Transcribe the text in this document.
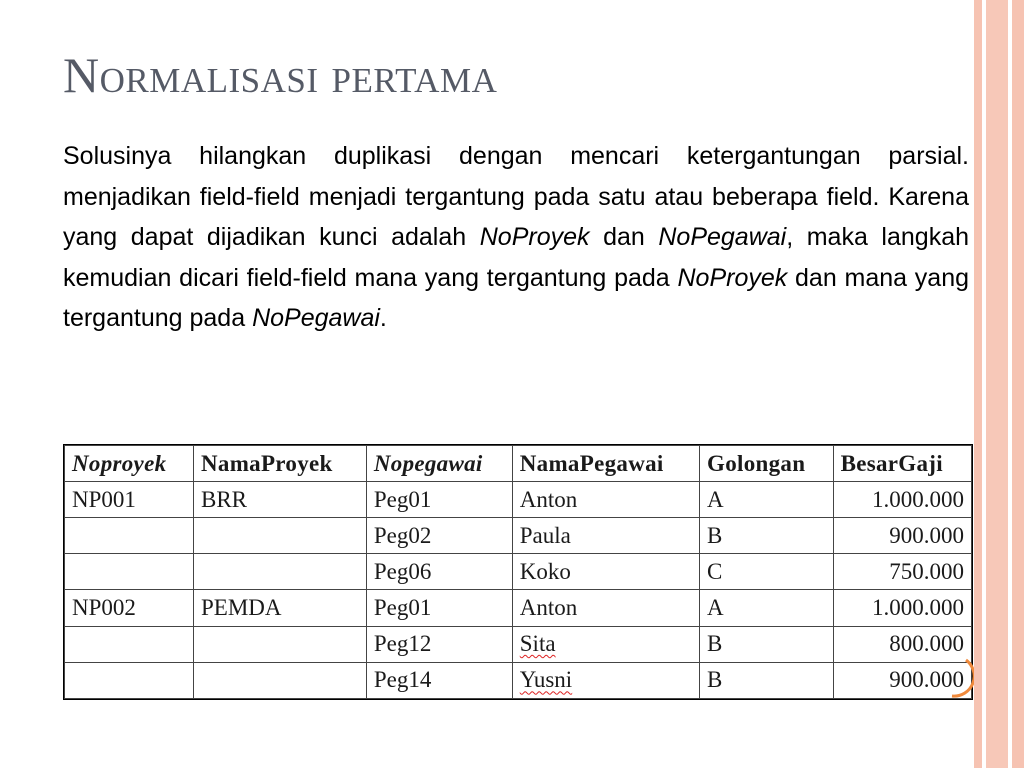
Normalisasi pertama
Solusinya hilangkan duplikasi dengan mencari ketergantungan parsial. menjadikan field-field menjadi tergantung pada satu atau beberapa field. Karena yang dapat dijadikan kunci adalah NoProyek dan NoPegawai, maka langkah kemudian dicari field-field mana yang tergantung pada NoProyek dan mana yang tergantung pada NoPegawai.
Noproyek	NamaProyek	Nopegawai	NamaPegawai	Golongan	BesarGaji
NP001	BRR	Peg01	Anton	A	1.000.000
		Peg02	Paula	B	900.000
		Peg06	Koko	C	750.000
NP002	PEMDA	Peg01	Anton	A	1.000.000
		Peg12	Sita	B	800.000
		Peg14	Yusni	B	900.000
